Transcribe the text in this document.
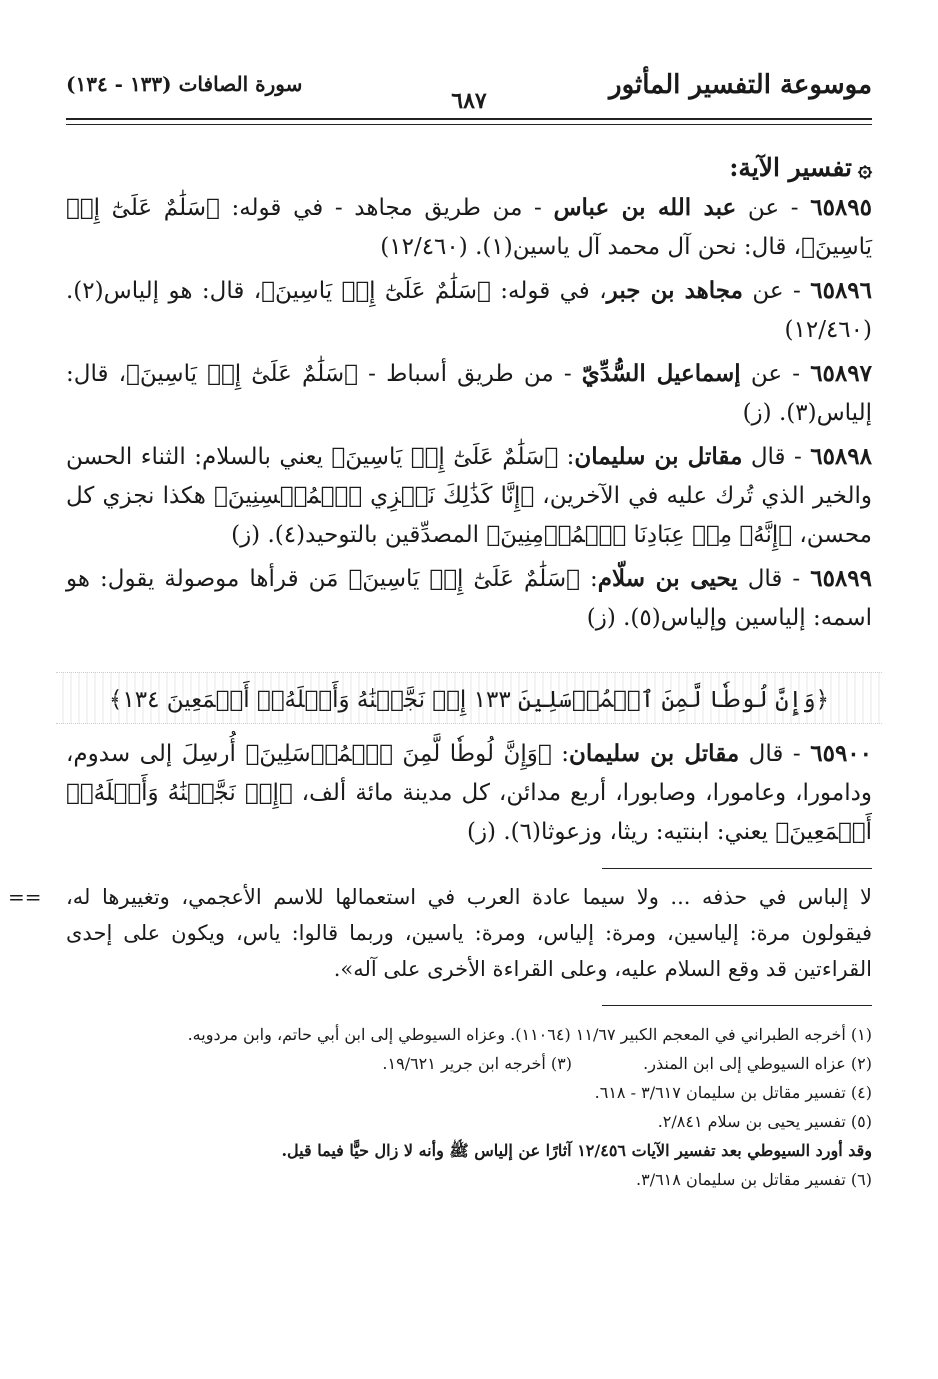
موسوعة التفسير المأثور
٦٨٧
سورة الصافات (١٣٣ - ١٣٤)
۞تفسير الآية:
٦٥٨٩٥ - عن عبد الله بن عباس - من طريق مجاهد - في قوله: ﴿سَلَٰمٌ عَلَىٰٓ إِلۡ يَاسِينَ﴾، قال: نحن آل محمد آل ياسين(١). (١٢/٤٦٠)
٦٥٨٩٦ - عن مجاهد بن جبر، في قوله: ﴿سَلَٰمٌ عَلَىٰٓ إِلۡ يَاسِينَ﴾، قال: هو إلياس(٢). (١٢/٤٦٠)
٦٥٨٩٧ - عن إسماعيل السُّدِّيّ - من طريق أسباط - ﴿سَلَٰمٌ عَلَىٰٓ إِلۡ يَاسِينَ﴾، قال: إلياس(٣). (ز)
٦٥٨٩٨ - قال مقاتل بن سليمان: ﴿سَلَٰمٌ عَلَىٰٓ إِلۡ يَاسِينَ﴾ يعني بالسلام: الثناء الحسن والخير الذي تُرك عليه في الآخرين، ﴿إِنَّا كَذَٰلِكَ نَجۡزِي ٱلۡمُحۡسِنِينَ﴾ هكذا نجزي كل محسن، ﴿إِنَّهُۥ مِنۡ عِبَادِنَا ٱلۡمُؤۡمِنِينَ﴾ المصدِّقين بالتوحيد(٤). (ز)
٦٥٨٩٩ - قال يحيى بن سلّام: ﴿سَلَٰمٌ عَلَىٰٓ إِلۡ يَاسِينَ﴾ مَن قرأها موصولة يقول: هو اسمه: إلياسين وإلياس(٥). (ز)
﴿وَإِنَّ لُوطٗا لَّمِنَ ٱلۡمُرۡسَلِينَ ١٣٣ إِذۡ نَجَّيۡنَٰهُ وَأَهۡلَهُۥٓ أَجۡمَعِينَ ١٣٤﴾
٦٥٩٠٠ - قال مقاتل بن سليمان: ﴿وَإِنَّ لُوطٗا لَّمِنَ ٱلۡمُرۡسَلِينَ﴾ أُرسِلَ إلى سدوم، ودامورا، وعامورا، وصابورا، أربع مدائن، كل مدينة مائة ألف، ﴿إِذۡ نَجَّيۡنَٰهُ وَأَهۡلَهُۥٓ أَجۡمَعِينَ﴾ يعني: ابنتيه: ريثا، وزعوثا(٦). (ز)
== لا إلباس في حذفه ... ولا سيما عادة العرب في استعمالها للاسم الأعجمي، وتغييرها له، فيقولون مرة: إلياسين، ومرة: إلياس، ومرة: ياسين، وربما قالوا: ياس، ويكون على إحدى القراءتين قد وقع السلام عليه، وعلى القراءة الأخرى على آله».
(١) أخرجه الطبراني في المعجم الكبير ١١/٦٧ (١١٠٦٤). وعزاه السيوطي إلى ابن أبي حاتم، وابن مردويه.
(٢) عزاه السيوطي إلى ابن المنذر.
(٣) أخرجه ابن جرير ١٩/٦٢١.
(٤) تفسير مقاتل بن سليمان ٣/٦١٧ - ٦١٨.
(٥) تفسير يحيى بن سلام ٢/٨٤١.
وقد أورد السيوطي بعد تفسير الآيات ١٢/٤٥٦ آثارًا عن إلياس ﷺ وأنه لا زال حيًّا فيما قيل.
(٦) تفسير مقاتل بن سليمان ٣/٦١٨.
